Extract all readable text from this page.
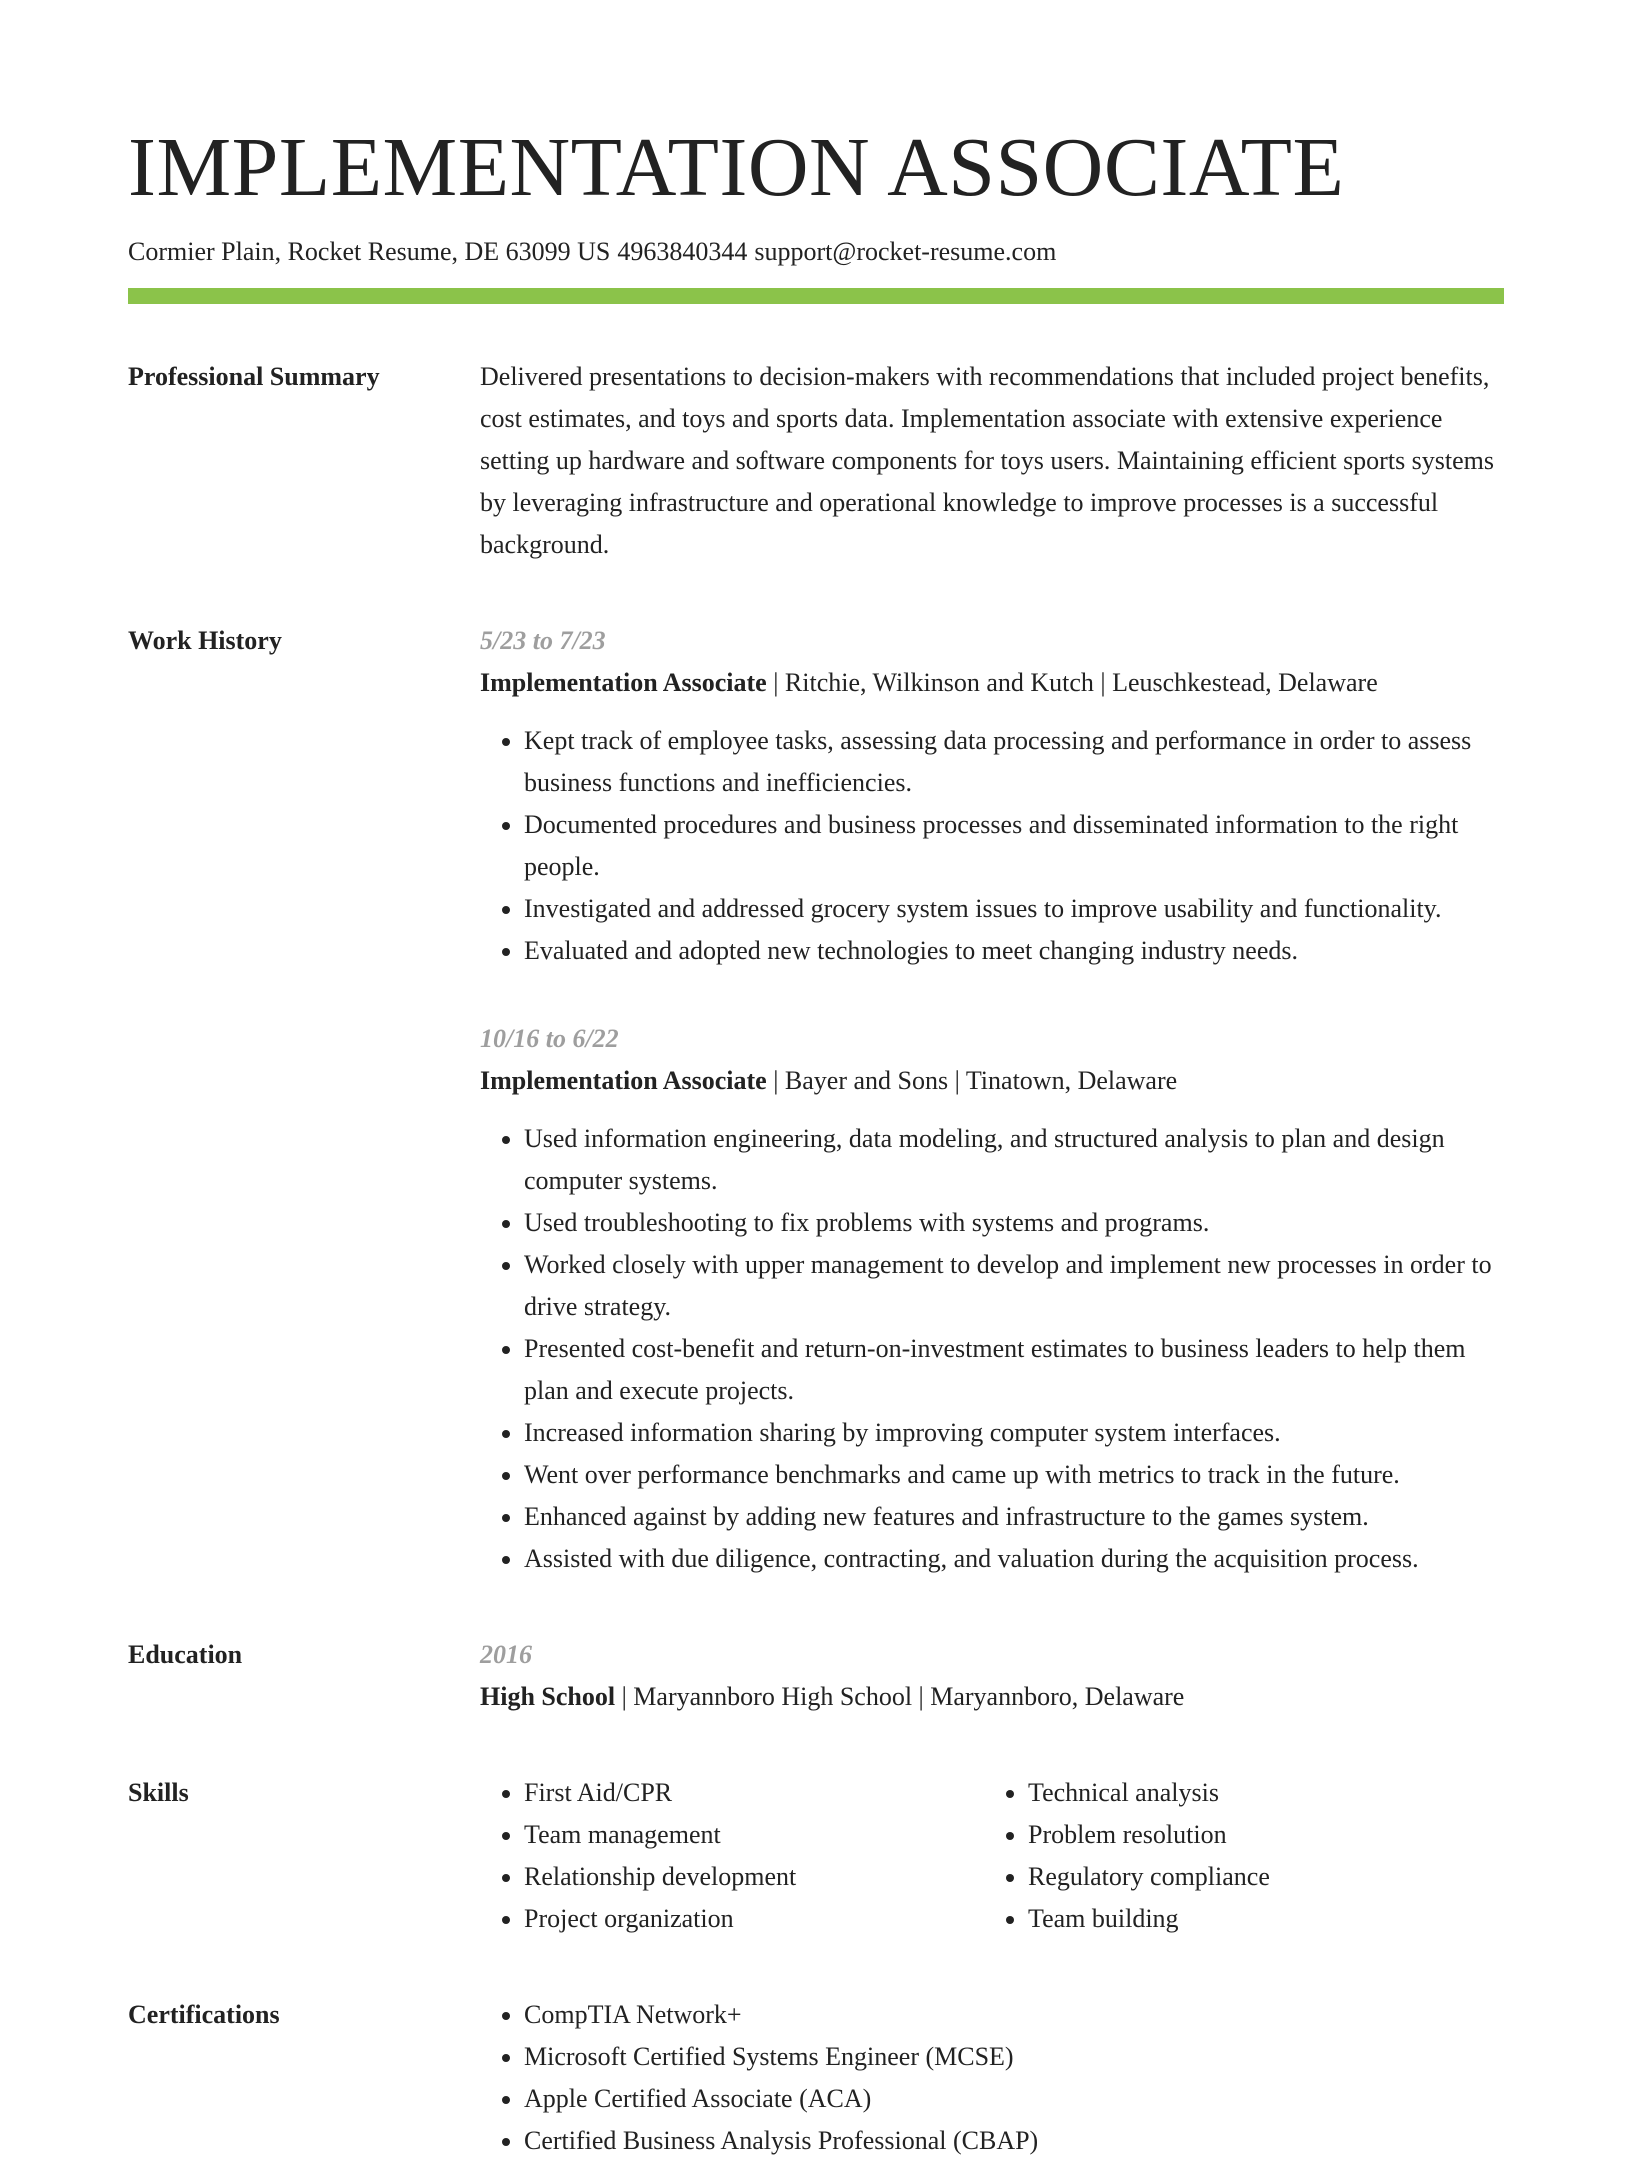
IMPLEMENTATION ASSOCIATE
Cormier Plain, Rocket Resume, DE 63099 US 4963840344 support@rocket-resume.com
Professional Summary	Delivered presentations to decision-makers with recommendations that included project benefits, cost estimates, and toys and sports data. Implementation associate with extensive experience setting up hardware and software components for toys users. Maintaining efficient sports systems by leveraging infrastructure and operational knowledge to improve processes is a successful background.

Work History	5/23 to 7/23
Implementation Associate | Ritchie, Wilkinson and Kutch | Leuschkestead, Delaware
• Kept track of employee tasks, assessing data processing and performance in order to assess business functions and inefficiencies.
• Documented procedures and business processes and disseminated information to the right people.
• Investigated and addressed grocery system issues to improve usability and functionality.
• Evaluated and adopted new technologies to meet changing industry needs.
10/16 to 6/22
Implementation Associate | Bayer and Sons | Tinatown, Delaware
• Used information engineering, data modeling, and structured analysis to plan and design computer systems.
• Used troubleshooting to fix problems with systems and programs.
• Worked closely with upper management to develop and implement new processes in order to drive strategy.
• Presented cost-benefit and return-on-investment estimates to business leaders to help them plan and execute projects.
• Increased information sharing by improving computer system interfaces.
• Went over performance benchmarks and came up with metrics to track in the future.
• Enhanced against by adding new features and infrastructure to the games system.
• Assisted with due diligence, contracting, and valuation during the acquisition process.
Education	2016
High School | Maryannboro High School | Maryannboro, Delaware
Skills	• First Aid/CPR
• Team management
• Relationship development
• Project organization
• Technical analysis
• Problem resolution
• Regulatory compliance
• Team building
Certifications	• CompTIA Network+
• Microsoft Certified Systems Engineer (MCSE)
• Apple Certified Associate (ACA)
• Certified Business Analysis Professional (CBAP)
